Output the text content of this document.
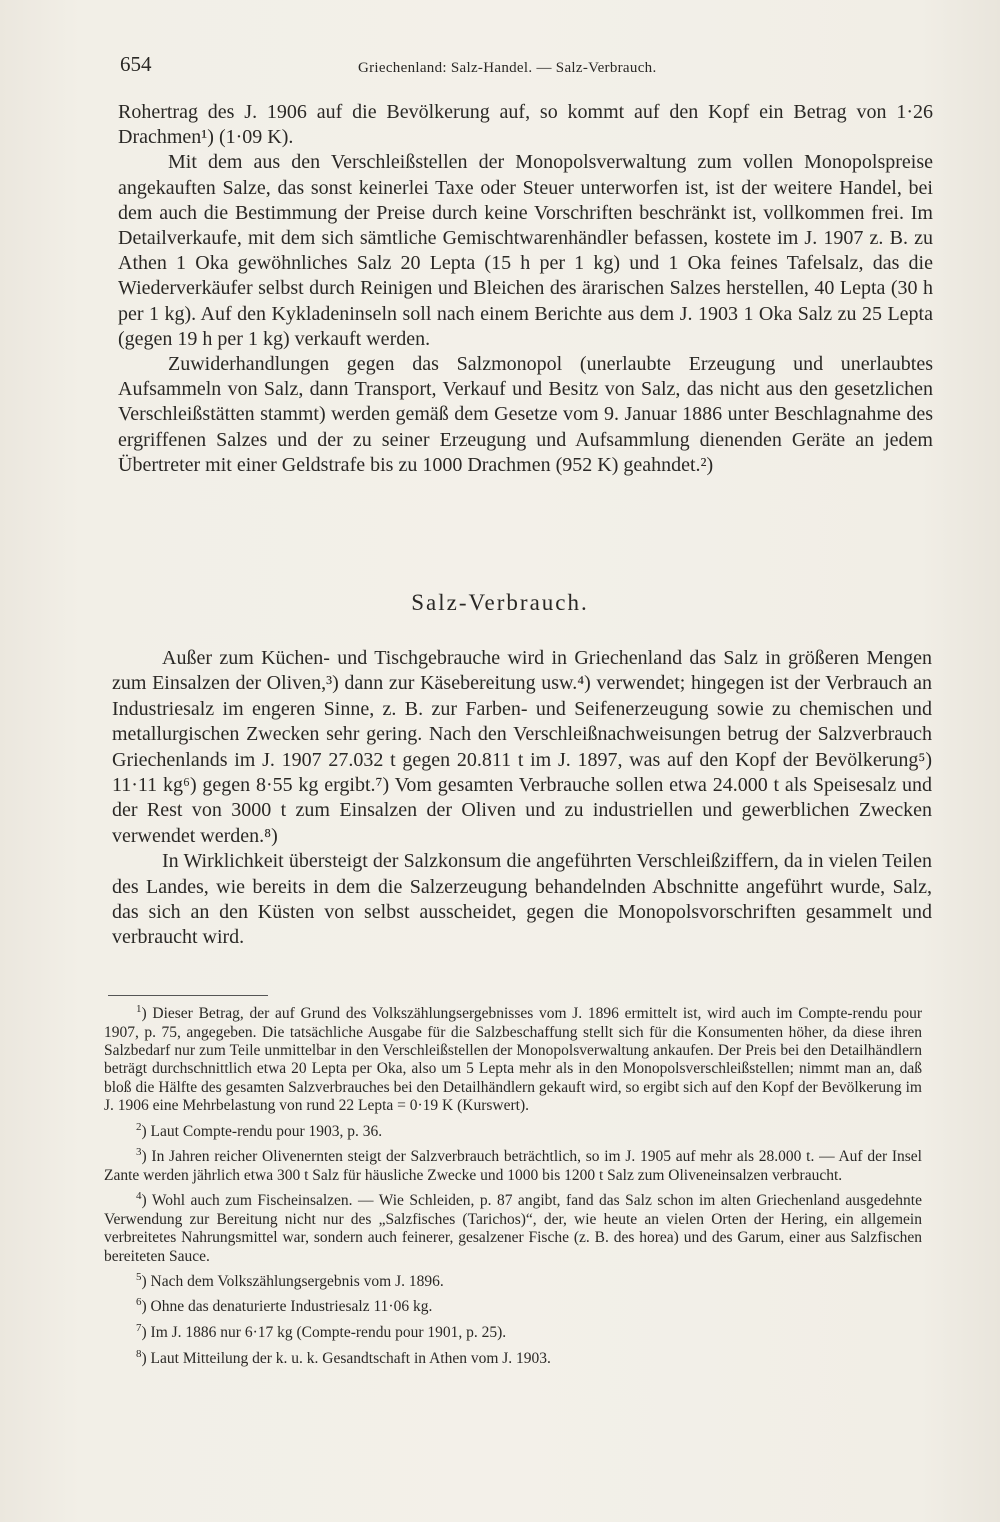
654	Griechenland: Salz-Handel. — Salz-Verbrauch.

Rohertrag des J. 1906 auf die Bevölkerung auf, so kommt auf den Kopf ein Betrag von 1·26 Drachmen¹) (1·09 K).

Mit dem aus den Verschleißstellen der Monopolsverwaltung zum vollen Monopolspreise angekauften Salze, das sonst keinerlei Taxe oder Steuer unterworfen ist, ist der weitere Handel, bei dem auch die Bestimmung der Preise durch keine Vorschriften beschränkt ist, vollkommen frei. Im Detailverkaufe, mit dem sich sämtliche Gemischtwarenhändler befassen, kostete im J. 1907 z. B. zu Athen 1 Oka gewöhnliches Salz 20 Lepta (15 h per 1 kg) und 1 Oka feines Tafelsalz, das die Wiederverkäufer selbst durch Reinigen und Bleichen des ärarischen Salzes herstellen, 40 Lepta (30 h per 1 kg). Auf den Kykladeninseln soll nach einem Berichte aus dem J. 1903 1 Oka Salz zu 25 Lepta (gegen 19 h per 1 kg) verkauft werden.

Zuwiderhandlungen gegen das Salzmonopol (unerlaubte Erzeugung und unerlaubtes Aufsammeln von Salz, dann Transport, Verkauf und Besitz von Salz, das nicht aus den gesetzlichen Verschleißstätten stammt) werden gemäß dem Gesetze vom 9. Januar 1886 unter Beschlagnahme des ergriffenen Salzes und der zu seiner Erzeugung und Aufsammlung dienenden Geräte an jedem Übertreter mit einer Geldstrafe bis zu 1000 Drachmen (952 K) geahndet.²)

Salz-Verbrauch.

Außer zum Küchen- und Tischgebrauche wird in Griechenland das Salz in größeren Mengen zum Einsalzen der Oliven,³) dann zur Käsebereitung usw.⁴) verwendet; hingegen ist der Verbrauch an Industriesalz im engeren Sinne, z. B. zur Farben- und Seifenerzeugung sowie zu chemischen und metallurgischen Zwecken sehr gering. Nach den Verschleißnachweisungen betrug der Salzverbrauch Griechenlands im J. 1907 27.032 t gegen 20.811 t im J. 1897, was auf den Kopf der Bevölkerung⁵) 11·11 kg⁶) gegen 8·55 kg ergibt.⁷) Vom gesamten Verbrauche sollen etwa 24.000 t als Speisesalz und der Rest von 3000 t zum Einsalzen der Oliven und zu industriellen und gewerblichen Zwecken verwendet werden.⁸)

In Wirklichkeit übersteigt der Salzkonsum die angeführten Verschleißziffern, da in vielen Teilen des Landes, wie bereits in dem die Salzerzeugung behandelnden Abschnitte angeführt wurde, Salz, das sich an den Küsten von selbst ausscheidet, gegen die Monopolsvorschriften gesammelt und verbraucht wird.

$^1$) Dieser Betrag, der auf Grund des Volkszählungsergebnisses vom J. 1896 ermittelt ist, wird auch im Compte-rendu pour 1907, p. 75, angegeben. Die tatsächliche Ausgabe für die Salzbeschaffung stellt sich für die Konsumenten höher, da diese ihren Salzbedarf nur zum Teile unmittelbar in den Verschleißstellen der Monopolsverwaltung ankaufen. Der Preis bei den Detailhändlern beträgt durchschnittlich etwa 20 Lepta per Oka, also um 5 Lepta mehr als in den Monopolsverschleißstellen; nimmt man an, daß bloß die Hälfte des gesamten Salzverbrauches bei den Detailhändlern gekauft wird, so ergibt sich auf den Kopf der Bevölkerung im J. 1906 eine Mehrbelastung von rund 22 Lepta = 0·19 K (Kurswert).

$^2$) Laut Compte-rendu pour 1903, p. 36.

$^3$) In Jahren reicher Olivenernten steigt der Salzverbrauch beträchtlich, so im J. 1905 auf mehr als 28.000 t. — Auf der Insel Zante werden jährlich etwa 300 t Salz für häusliche Zwecke und 1000 bis 1200 t Salz zum Oliveneinsalzen verbraucht.

$^4$) Wohl auch zum Fischeinsalzen. — Wie Schleiden, p. 87 angibt, fand das Salz schon im alten Griechenland ausgedehnte Verwendung zur Bereitung nicht nur des „Salzfisches (Tarichos)“, der, wie heute an vielen Orten der Hering, ein allgemein verbreitetes Nahrungsmittel war, sondern auch feinerer, gesalzener Fische (z. B. des horea) und des Garum, einer aus Salzfischen bereiteten Sauce.

$^5$) Nach dem Volkszählungsergebnis vom J. 1896.

$^6$) Ohne das denaturierte Industriesalz 11·06 kg.

$^7$) Im J. 1886 nur 6·17 kg (Compte-rendu pour 1901, p. 25).

$^8$) Laut Mitteilung der k. u. k. Gesandtschaft in Athen vom J. 1903.
